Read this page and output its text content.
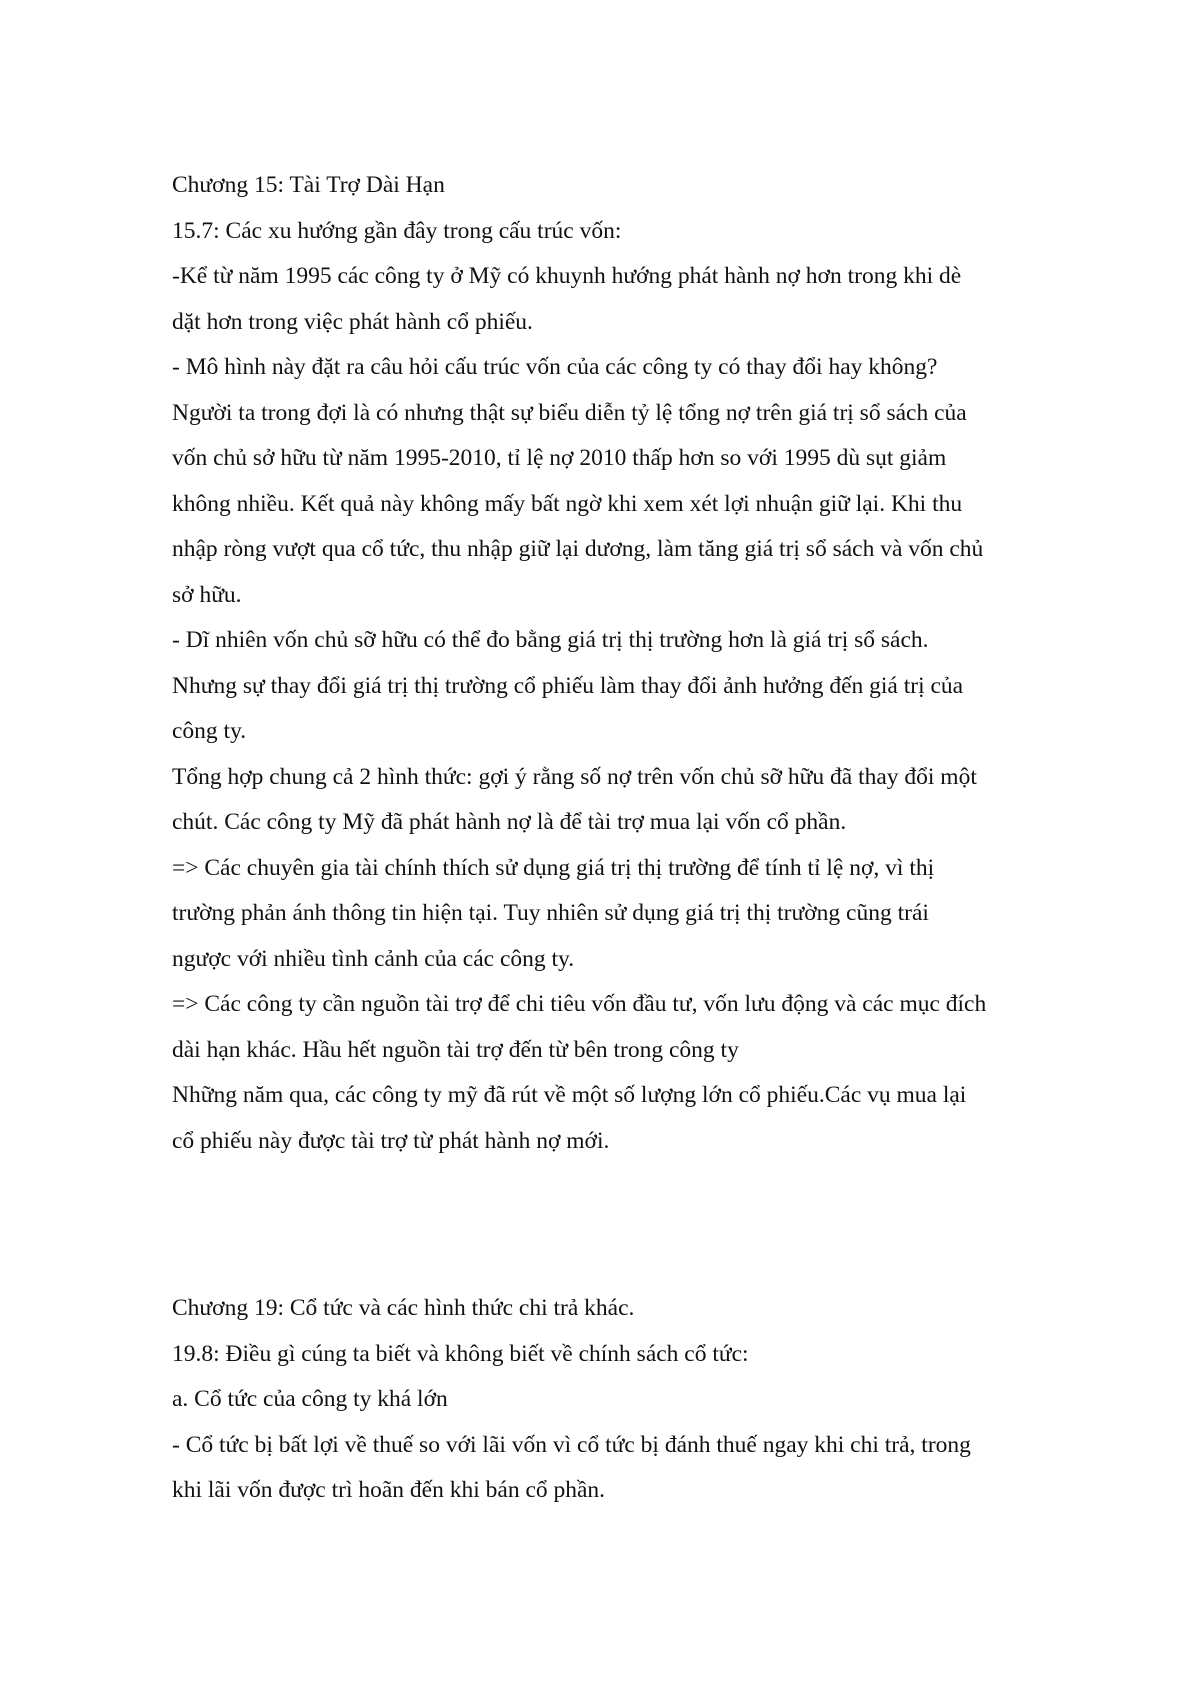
Chương 15: Tài Trợ Dài Hạn
15.7: Các xu hướng gần đây trong cấu trúc vốn:
-Kể từ năm 1995 các công ty ở Mỹ có khuynh hướng phát hành nợ hơn trong khi dè
dặt hơn trong việc phát hành cổ phiếu.
- Mô hình này đặt ra câu hỏi cấu trúc vốn của các công ty có thay đổi hay không?
Người ta trong đợi là có nhưng thật sự biểu diễn tỷ lệ tổng nợ trên giá trị sổ sách của
vốn chủ sở hữu từ năm 1995-2010, tỉ lệ nợ 2010 thấp hơn so với 1995 dù sụt giảm
không nhiều. Kết quả này không mấy bất ngờ khi xem xét lợi nhuận giữ lại. Khi thu
nhập ròng vượt qua cổ tức, thu nhập giữ lại dương, làm tăng giá trị sổ sách và vốn chủ
sở hữu.
- Dĩ nhiên vốn chủ sỡ hữu có thể đo bằng giá trị thị trường hơn là giá trị sổ sách.
Nhưng sự thay đổi giá trị thị trường cổ phiếu làm thay đổi ảnh hưởng đến giá trị của
công ty.
Tổng hợp chung cả 2 hình thức: gợi ý rằng số nợ trên vốn chủ sỡ hữu đã thay đổi một
chút. Các công ty Mỹ đã phát hành nợ là để tài trợ mua lại vốn cổ phần.
=> Các chuyên gia tài chính thích sử dụng giá trị thị trường để tính tỉ lệ nợ, vì thị
trường phản ánh thông tin hiện tại. Tuy nhiên sử dụng giá trị thị trường cũng trái
ngược với nhiều tình cảnh của các công ty.
=> Các công ty cần nguồn tài trợ để chi tiêu vốn đầu tư, vốn lưu động và các mục đích
dài hạn khác. Hầu hết nguồn tài trợ đến từ bên trong công ty
Những năm qua, các công ty mỹ đã rút về một số lượng lớn cổ phiếu.Các vụ mua lại
cổ phiếu này được tài trợ từ phát hành nợ mới.
Chương 19: Cổ tức và các hình thức chi trả khác.
19.8: Điều gì cúng ta biết và không biết về chính sách cổ tức:
a. Cổ tức của công ty khá lớn
- Cổ tức bị bất lợi về thuế so với lãi vốn vì cổ tức bị đánh thuế ngay khi chi trả, trong
khi lãi vốn được trì hoãn đến khi bán cổ phần.
